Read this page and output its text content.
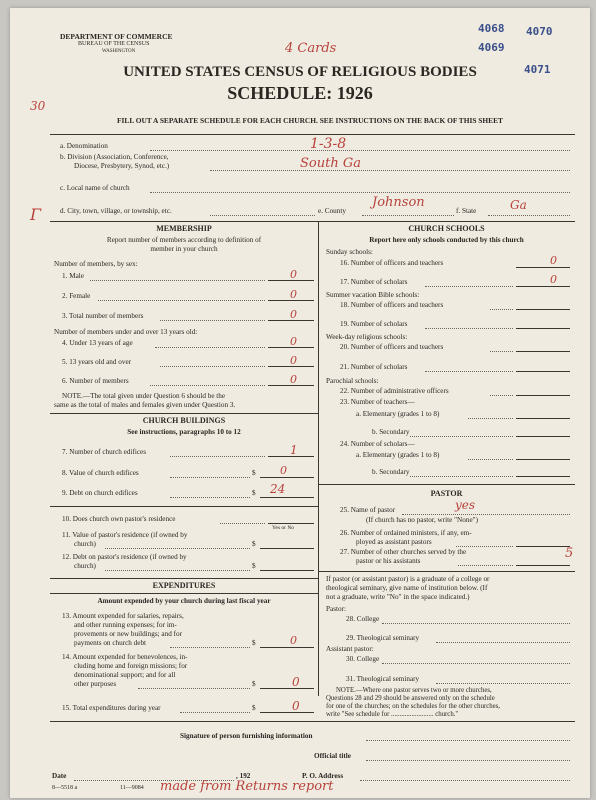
DEPARTMENT OF COMMERCE
BUREAU OF THE CENSUS
WASHINGTON	4 Cards
4068 4070
4069
4071
UNITED STATES CENSUS OF RELIGIOUS BODIES
SCHEDULE: 1926
30
FILL OUT A SEPARATE SCHEDULE FOR EACH CHURCH. SEE INSTRUCTIONS ON THE BACK OF THIS SHEET
a. Denomination	1-3-8
b. Division (Association, Conference,
Diocese, Presbytery, Synod, etc.)	South Ga
c. Local name of church
Γ	d. City, town, village, or township, etc.	e. County
Johnson
f. State	Ga
MEMBERSHIP
Report number of members according to definition of
member in your church
Number of members, by sex:
1. Male	0
2. Female	0
3. Total number of members	0
Number of members under and over 13 years old:
4. Under 13 years of age	0
5. 13 years old and over	0
6. Number of members	0
NOTE.—The total given under Question 6 should be the
same as the total of males and females given under Question 3.
CHURCH BUILDINGS
See instructions, paragraphs 10 to 12
7. Number of church edifices	1
8. Value of church edifices	$ 0
9. Debt on church edifices	$ 24
10. Does church own pastor's residence
Yes or No
11. Value of pastor's residence (if owned by
church)	$
12. Debt on pastor's residence (if owned by
church)	$
EXPENDITURES
Amount expended by your church during last fiscal year
13. Amount expended for salaries, repairs,
and other running expenses; for im-
provements or new buildings; and for
payments on church debt	$	0
14. Amount expended for benevolences, in-
cluding home and foreign missions; for
denominational support; and for all
other purposes	$	0
15. Total expenditures during year	$	0
CHURCH SCHOOLS
Report here only schools conducted by this church
Sunday schools:
16. Number of officers and teachers	0
17. Number of scholars	0
Summer vacation Bible schools:
18. Number of officers and teachers
19. Number of scholars
Week-day religious schools:
20. Number of officers and teachers
21. Number of scholars
Parochial schools:
22. Number of administrative officers
23. Number of teachers—
a. Elementary (grades 1 to 8)
b. Secondary
24. Number of scholars—
a. Elementary (grades 1 to 8)
b. Secondary
PASTOR
25. Name of pastor	yes
(If church has no pastor, write "None")
26. Number of ordained ministers, if any, em-
ployed as assistant pastors
27. Number of other churches served by the
pastor or his assistants	5
If pastor (or assistant pastor) is a graduate of a college or
theological seminary, give name of institution below. (If
not a graduate, write "No" in the space indicated.)
Pastor:
28. College
29. Theological seminary
Assistant pastor:
30. College
31. Theological seminary
NOTE.—Where one pastor serves two or more churches,
Questions 28 and 29 should be answered only on the schedule
for one of the churches; on the schedules for the other churches,
write "See schedule for ......................... church."
Signature of person furnishing information
Official title
Date	, 192	P. O. Address
8—5518 a	11—9084 made from Returns report
